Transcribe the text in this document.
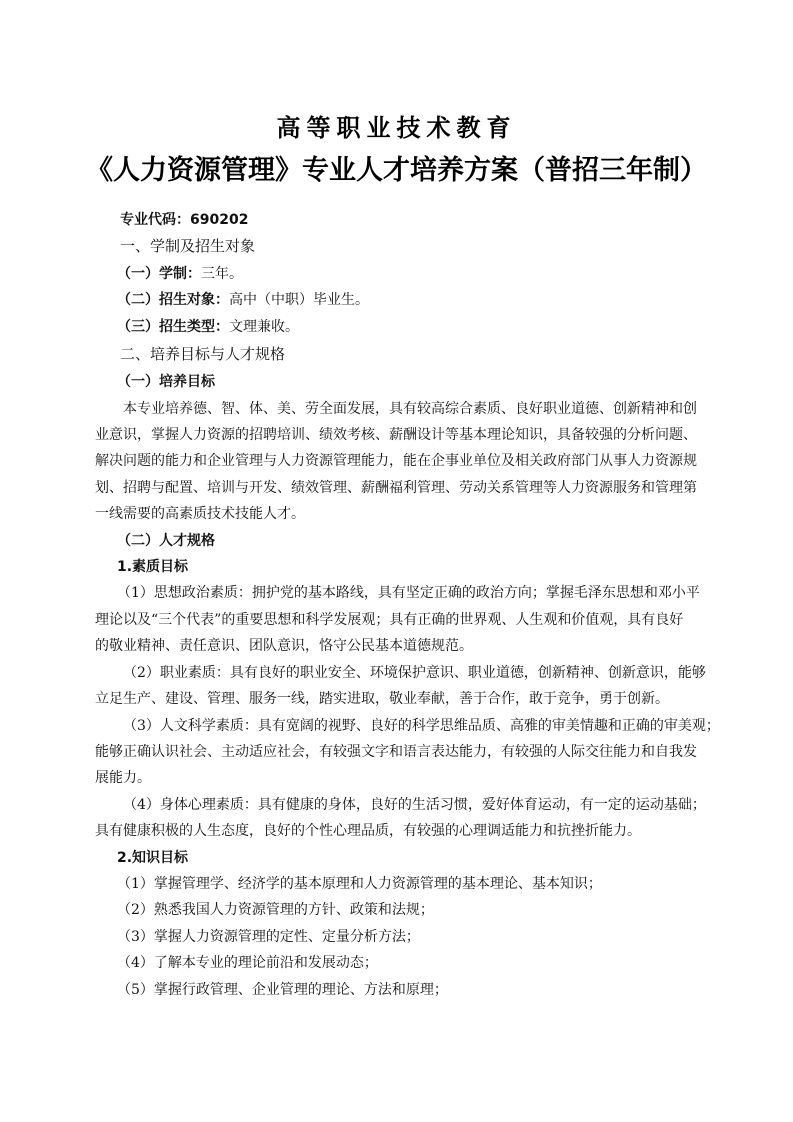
高等职业技术教育
《人力资源管理》专业人才培养方案（普招三年制）
专业代码：690202
一、学制及招生对象
（一）学制：三年。
（二）招生对象：高中（中职）毕业生。
（三）招生类型：文理兼收。
二、培养目标与人才规格
（一）培养目标
本专业培养德、智、体、美、劳全面发展，具有较高综合素质、良好职业道德、创新精神和创
业意识，掌握人力资源的招聘培训、绩效考核、薪酬设计等基本理论知识，具备较强的分析问题、
解决问题的能力和企业管理与人力资源管理能力，能在企事业单位及相关政府部门从事人力资源规
划、招聘与配置、培训与开发、绩效管理、薪酬福利管理、劳动关系管理等人力资源服务和管理第
一线需要的高素质技术技能人才。
（二）人才规格
1.素质目标
（1）思想政治素质：拥护党的基本路线，具有坚定正确的政治方向；掌握毛泽东思想和邓小平
理论以及“三个代表”的重要思想和科学发展观；具有正确的世界观、人生观和价值观，具有良好
的敬业精神、责任意识、团队意识，恪守公民基本道德规范。
（2）职业素质：具有良好的职业安全、环境保护意识、职业道德，创新精神、创新意识，能够
立足生产、建设、管理、服务一线，踏实进取，敬业奉献，善于合作，敢于竞争，勇于创新。
（3）人文科学素质：具有宽阔的视野、良好的科学思维品质、高雅的审美情趣和正确的审美观；
能够正确认识社会、主动适应社会，有较强文字和语言表达能力，有较强的人际交往能力和自我发
展能力。
（4）身体心理素质：具有健康的身体，良好的生活习惯，爱好体育运动，有一定的运动基础；
具有健康积极的人生态度，良好的个性心理品质，有较强的心理调适能力和抗挫折能力。
2.知识目标
（1）掌握管理学、经济学的基本原理和人力资源管理的基本理论、基本知识；
（2）熟悉我国人力资源管理的方针、政策和法规；
（3）掌握人力资源管理的定性、定量分析方法；
（4）了解本专业的理论前沿和发展动态；
（5）掌握行政管理、企业管理的理论、方法和原理；
